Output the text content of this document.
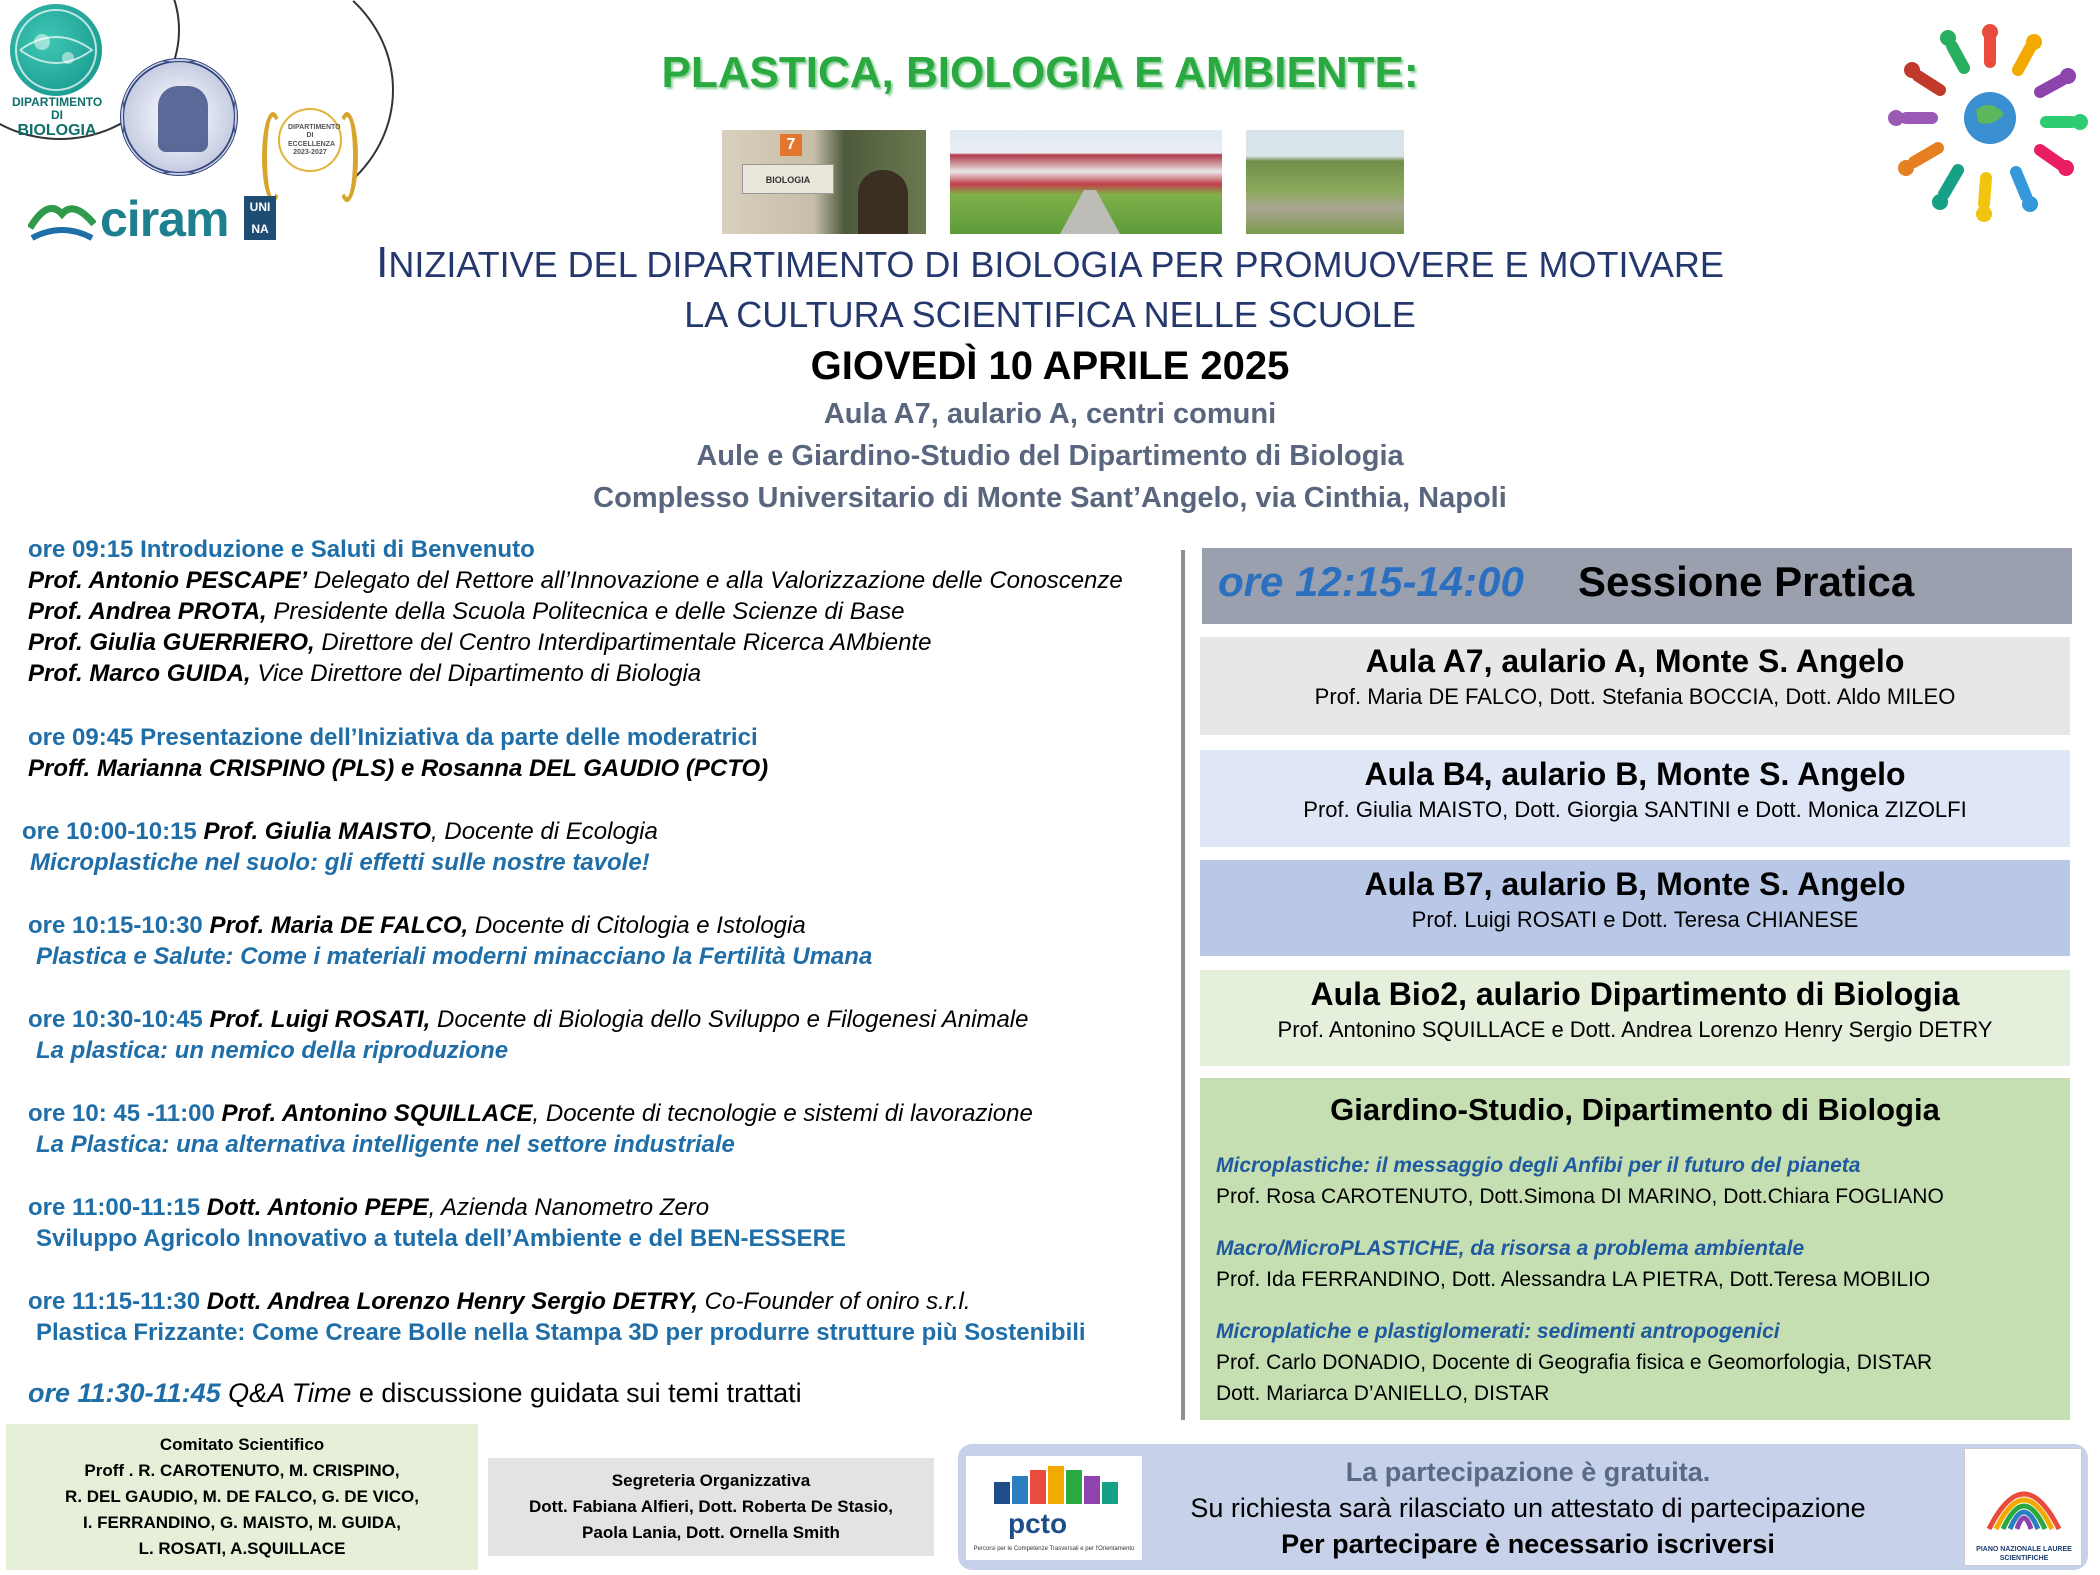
DIPARTIMENTO DI
BIOLOGIA	DIPARTIMENTO DI ECCELLENZA 2023-2027
ciram	UNI NA
PLASTICA, BIOLOGIA E AMBIENTE:
7
BIOLOGIA
INIZIATIVE DEL DIPARTIMENTO DI BIOLOGIA PER PROMUOVERE E MOTIVARE
LA CULTURA SCIENTIFICA NELLE SCUOLE
GIOVEDÌ 10 APRILE 2025
Aula A7, aulario A, centri comuni
Aule e Giardino-Studio del Dipartimento di Biologia
Complesso Universitario di Monte Sant’Angelo, via Cinthia, Napoli
ore 09:15 Introduzione e Saluti di Benvenuto
Prof. Antonio PESCAPE’ Delegato del Rettore all’Innovazione e alla Valorizzazione delle Conoscenze
Prof. Andrea PROTA, Presidente della Scuola Politecnica e delle Scienze di Base
Prof. Giulia GUERRIERO, Direttore del Centro Interdipartimentale Ricerca AMbiente
Prof. Marco GUIDA, Vice Direttore del Dipartimento di Biologia
ore 09:45 Presentazione dell’Iniziativa da parte delle moderatrici
Proff. Marianna CRISPINO (PLS) e Rosanna DEL GAUDIO (PCTO)
ore 10:00-10:15 Prof. Giulia MAISTO, Docente di Ecologia
Microplastiche nel suolo: gli effetti sulle nostre tavole!
ore 10:15-10:30 Prof. Maria DE FALCO, Docente di Citologia e Istologia
Plastica e Salute: Come i materiali moderni minacciano la Fertilità Umana
ore 10:30-10:45 Prof. Luigi ROSATI, Docente di Biologia dello Sviluppo e Filogenesi Animale
La plastica: un nemico della riproduzione
ore 10: 45 -11:00 Prof. Antonino SQUILLACE, Docente di tecnologie e sistemi di lavorazione
La Plastica: una alternativa intelligente nel settore industriale
ore 11:00-11:15 Dott. Antonio PEPE, Azienda Nanometro Zero
Sviluppo Agricolo Innovativo a tutela dell’Ambiente e del BEN-ESSERE
ore 11:15-11:30 Dott. Andrea Lorenzo Henry Sergio DETRY, Co-Founder of oniro s.r.l.
Plastica Frizzante: Come Creare Bolle nella Stampa 3D per produrre strutture più Sostenibili
ore 11:30-11:45 Q&A Time e discussione guidata sui temi trattati
ore 12:15-14:00 Sessione Pratica
Aula A7, aulario A, Monte S. Angelo
Prof. Maria DE FALCO, Dott. Stefania BOCCIA, Dott. Aldo MILEO
Aula B4, aulario B, Monte S. Angelo
Prof. Giulia MAISTO, Dott. Giorgia SANTINI e Dott. Monica ZIZOLFI
Aula B7, aulario B, Monte S. Angelo
Prof. Luigi ROSATI e Dott. Teresa CHIANESE
Aula Bio2, aulario Dipartimento di Biologia
Prof. Antonino SQUILLACE e Dott. Andrea Lorenzo Henry Sergio DETRY
Giardino-Studio, Dipartimento di Biologia
Microplastiche: il messaggio degli Anfibi per il futuro del pianeta
Prof. Rosa CAROTENUTO, Dott.Simona DI MARINO, Dott.Chiara FOGLIANO
Macro/MicroPLASTICHE, da risorsa a problema ambientale
Prof. Ida FERRANDINO, Dott. Alessandra LA PIETRA, Dott.Teresa MOBILIO
Microplatiche e plastiglomerati: sedimenti antropogenici
Prof. Carlo DONADIO, Docente di Geografia fisica e Geomorfologia, DISTAR
Dott. Mariarca D’ANIELLO, DISTAR
Comitato Scientifico
Proff . R. CAROTENUTO, M. CRISPINO,
R. DEL GAUDIO, M. DE FALCO, G. DE VICO,
I. FERRANDINO, G. MAISTO, M. GUIDA,
L. ROSATI, A.SQUILLACE
Segreteria Organizzativa
Dott. Fabiana Alfieri, Dott. Roberta De Stasio,
Paola Lania, Dott. Ornella Smith	pcto
Percorsi per le Competenze Trasversali e per l'Orientamento
La partecipazione è gratuita.
Su richiesta sarà rilasciato un attestato di partecipazione
Per partecipare è necessario iscriversi	PIANO NAZIONALE LAUREE SCIENTIFICHE
